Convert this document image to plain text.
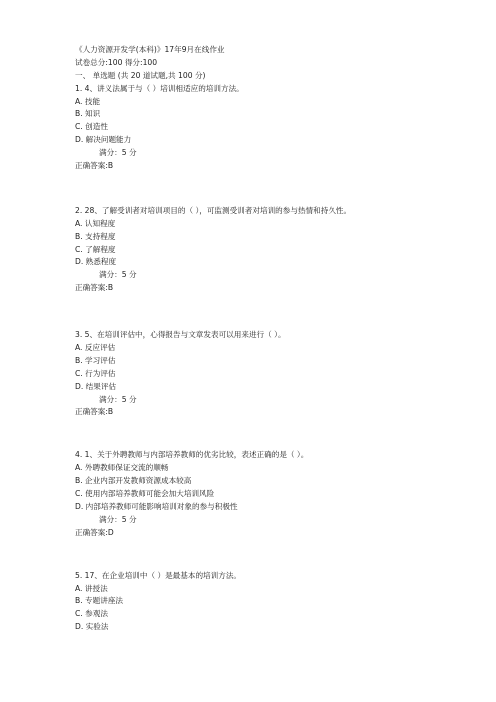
《人力资源开发学(本科)》17年9月在线作业
试卷总分:100 得分:100
一、 单选题 (共 20 道试题,共 100 分)
1. 4、讲义法属于与（ ）培训相适应的培训方法。
A. 技能
B. 知识
C. 创造性
D. 解决问题能力
满分：5 分
正确答案:B
2. 28、了解受训者对培训项目的（ ），可监测受训者对培训的参与热情和持久性。
A. 认知程度
B. 支持程度
C. 了解程度
D. 熟悉程度
满分：5 分
正确答案:B
3. 5、在培训评估中，心得报告与文章发表可以用来进行（ ）。
A. 反应评估
B. 学习评估
C. 行为评估
D. 结果评估
满分：5 分
正确答案:B
4. 1、关于外聘教师与内部培养教师的优劣比较，表述正确的是（ ）。
A. 外聘教师保证交流的顺畅
B. 企业内部开发教师资源成本较高
C. 使用内部培养教师可能会加大培训风险
D. 内部培养教师可能影响培训对象的参与积极性
满分：5 分
正确答案:D
5. 17、在企业培训中（ ）是最基本的培训方法。
A. 讲授法
B. 专题讲座法
C. 参观法
D. 实验法
